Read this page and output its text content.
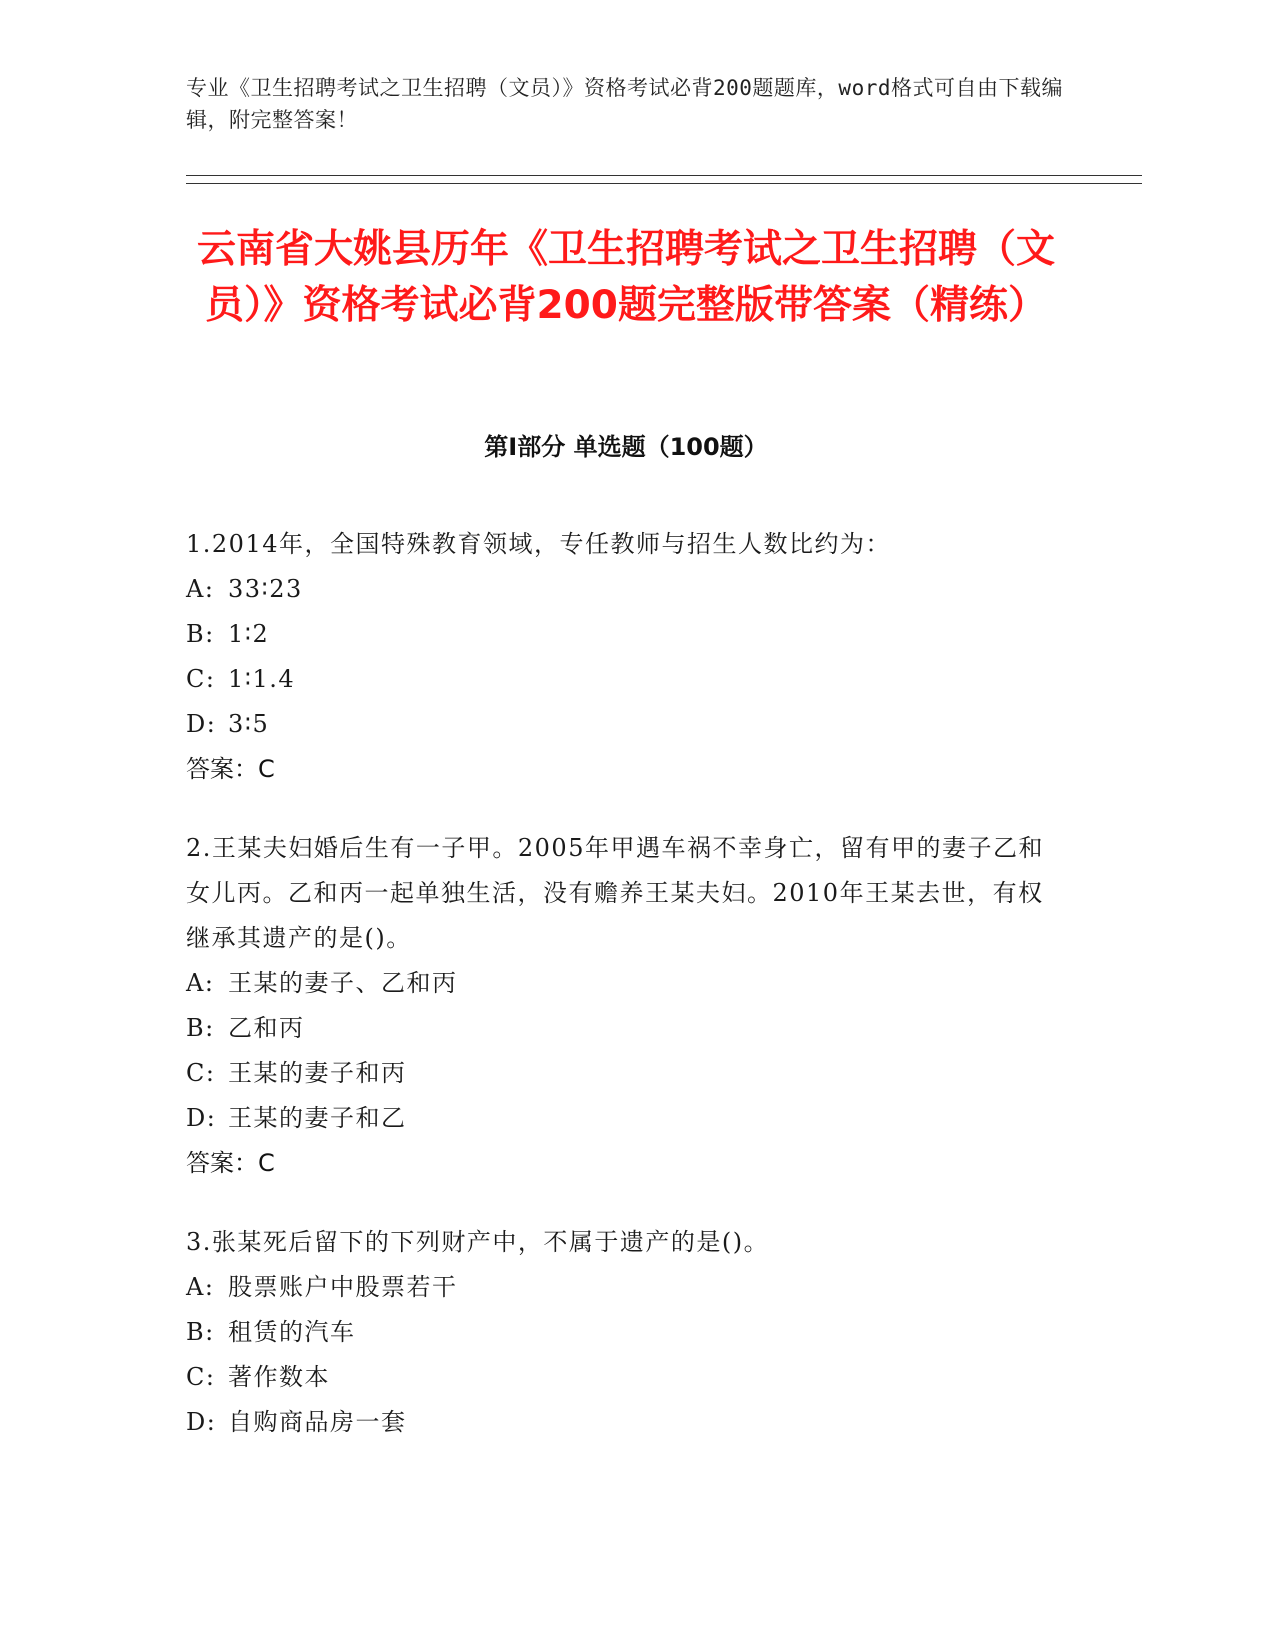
专业《卫生招聘考试之卫生招聘（文员）》资格考试必背200题题库，word格式可自由下载编辑，附完整答案！
云南省大姚县历年《卫生招聘考试之卫生招聘（文员）》资格考试必背200题完整版带答案（精练）
第I部分 单选题（100题）
1.2014年，全国特殊教育领域，专任教师与招生人数比约为：
A: 33∶23
B: 1∶2
C: 1∶1.4
D: 3∶5
答案：C
2.王某夫妇婚后生有一子甲。2005年甲遇车祸不幸身亡，留有甲的妻子乙和女儿丙。乙和丙一起单独生活，没有赡养王某夫妇。2010年王某去世，有权继承其遗产的是()。
A: 王某的妻子、乙和丙
B: 乙和丙
C: 王某的妻子和丙
D: 王某的妻子和乙
答案：C
3.张某死后留下的下列财产中，不属于遗产的是()。
A: 股票账户中股票若干
B: 租赁的汽车
C: 著作数本
D: 自购商品房一套
